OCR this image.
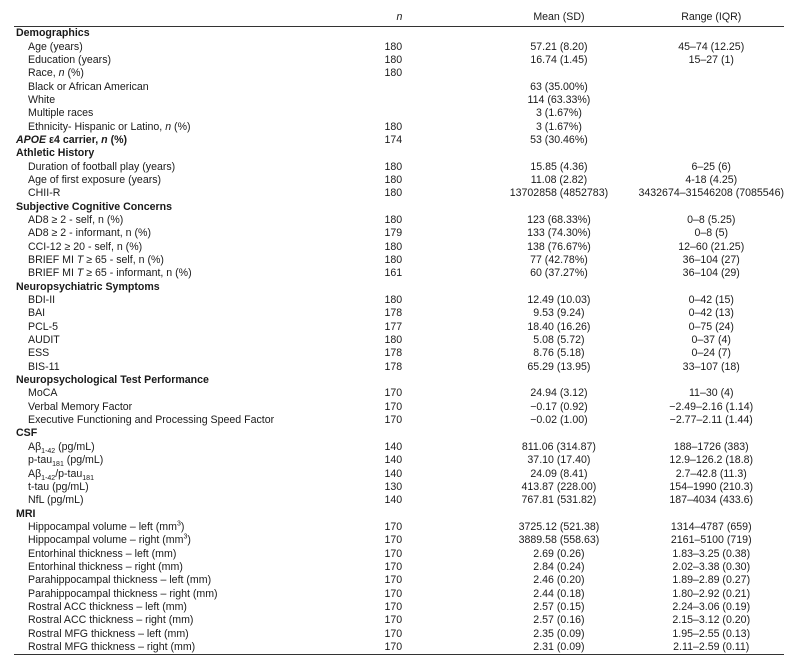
	n	Mean (SD)	Range (IQR)
Demographics			
Age (years)	180	57.21 (8.20)	45–74 (12.25)
Education (years)	180	16.74 (1.45)	15–27 (1)
Race, n (%)	180		
Black or African American		63 (35.00%)	
White		114 (63.33%)	
Multiple races		3 (1.67%)	
Ethnicity- Hispanic or Latino, n (%)	180	3 (1.67%)	
APOE ε4 carrier, n (%)	174	53 (30.46%)	
Athletic History			
Duration of football play (years)	180	15.85 (4.36)	6–25 (6)
Age of first exposure (years)	180	11.08 (2.82)	4-18 (4.25)
CHII-R	180	13702858 (4852783)	3432674–31546208 (7085546)
Subjective Cognitive Concerns			
AD8 ≥ 2 - self, n (%)	180	123 (68.33%)	0–8 (5.25)
AD8 ≥ 2 - informant, n (%)	179	133 (74.30%)	0–8 (5)
CCI-12 ≥ 20 - self, n (%)	180	138 (76.67%)	12–60 (21.25)
BRIEF MI T ≥ 65 - self, n (%)	180	77 (42.78%)	36–104 (27)
BRIEF MI T ≥ 65 - informant, n (%)	161	60 (37.27%)	36–104 (29)
Neuropsychiatric Symptoms			
BDI-II	180	12.49 (10.03)	0–42 (15)
BAI	178	9.53 (9.24)	0–42 (13)
PCL-5	177	18.40 (16.26)	0–75 (24)
AUDIT	180	5.08 (5.72)	0–37 (4)
ESS	178	8.76 (5.18)	0–24 (7)
BIS-11	178	65.29 (13.95)	33–107 (18)
Neuropsychological Test Performance			
MoCA	170	24.94 (3.12)	11–30 (4)
Verbal Memory Factor	170	−0.17 (0.92)	−2.49–2.16 (1.14)
Executive Functioning and Processing Speed Factor	170	−0.02 (1.00)	−2.77–2.11 (1.44)
CSF			
$A\beta_{1-42}$ (pg/mL)	140	811.06 (314.87)	188–1726 (383)
p-tau$_{181}$ (pg/mL)	140	37.10 (17.40)	12.9–126.2 (18.8)
$A\beta_{1-42}/p-tau_{181}$	140	24.09 (8.41)	2.7–42.8 (11.3)
t-tau (pg/mL)	130	413.87 (228.00)	154–1990 (210.3)
NfL (pg/mL)	140	767.81 (531.82)	187–4034 (433.6)
MRI			
Hippocampal volume – left $(mm^3)$	170	3725.12 (521.38)	1314–4787 (659)
Hippocampal volume – right $(mm^3)$	170	3889.58 (558.63)	2161–5100 (719)
Entorhinal thickness – left (mm)	170	2.69 (0.26)	1.83–3.25 (0.38)
Entorhinal thickness – right (mm)	170	2.84 (0.24)	2.02–3.38 (0.30)
Parahippocampal thickness – left (mm)	170	2.46 (0.20)	1.89–2.89 (0.27)
Parahippocampal thickness – right (mm)	170	2.44 (0.18)	1.80–2.92 (0.21)
Rostral ACC thickness – left (mm)	170	2.57 (0.15)	2.24–3.06 (0.19)
Rostral ACC thickness – right (mm)	170	2.57 (0.16)	2.15–3.12 (0.20)
Rostral MFG thickness – left (mm)	170	2.35 (0.09)	1.95–2.55 (0.13)
Rostral MFG thickness – right (mm)	170	2.31 (0.09)	2.11–2.59 (0.11)
